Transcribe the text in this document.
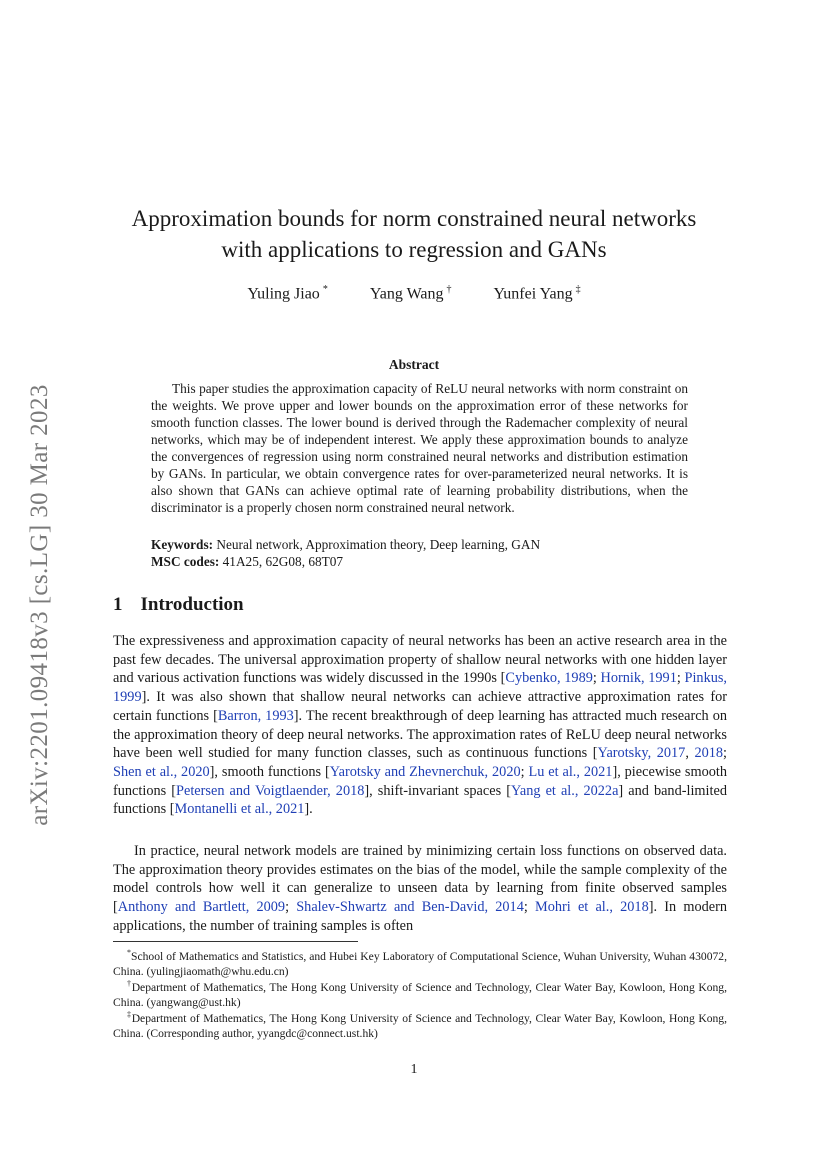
arXiv:2201.09418v3 [cs.LG] 30 Mar 2023
Approximation bounds for norm constrained neural networks
with applications to regression and GANs
Yuling Jiao *	Yang Wang †	Yunfei Yang ‡
Abstract
This paper studies the approximation capacity of ReLU neural networks with norm constraint on the weights. We prove upper and lower bounds on the approximation error of these networks for smooth function classes. The lower bound is derived through the Rademacher complexity of neural networks, which may be of independent interest. We apply these approximation bounds to analyze the convergences of regression using norm constrained neural networks and distribution estimation by GANs. In particular, we obtain convergence rates for over-parameterized neural networks. It is also shown that GANs can achieve optimal rate of learning probability distributions, when the discriminator is a properly chosen norm constrained neural network.
Keywords: Neural network, Approximation theory, Deep learning, GAN
MSC codes: 41A25, 62G08, 68T07
1 Introduction
The expressiveness and approximation capacity of neural networks has been an active research area in the past few decades. The universal approximation property of shallow neural networks with one hidden layer and various activation functions was widely discussed in the 1990s [Cybenko, 1989; Hornik, 1991; Pinkus, 1999]. It was also shown that shallow neural networks can achieve attractive approximation rates for certain functions [Barron, 1993]. The recent breakthrough of deep learning has attracted much research on the approximation theory of deep neural networks. The approximation rates of ReLU deep neural networks have been well studied for many function classes, such as continuous functions [Yarotsky, 2017, 2018; Shen et al., 2020], smooth functions [Yarotsky and Zhevnerchuk, 2020; Lu et al., 2021], piecewise smooth functions [Petersen and Voigtlaender, 2018], shift-invariant spaces [Yang et al., 2022a] and band-limited functions [Montanelli et al., 2021].
In practice, neural network models are trained by minimizing certain loss functions on observed data. The approximation theory provides estimates on the bias of the model, while the sample complexity of the model controls how well it can generalize to unseen data by learning from finite observed samples [Anthony and Bartlett, 2009; Shalev-Shwartz and Ben-David, 2014; Mohri et al., 2018]. In modern applications, the number of training samples is often
*School of Mathematics and Statistics, and Hubei Key Laboratory of Computational Science, Wuhan University, Wuhan 430072, China. (yulingjiaomath@whu.edu.cn)
†Department of Mathematics, The Hong Kong University of Science and Technology, Clear Water Bay, Kowloon, Hong Kong, China. (yangwang@ust.hk)
‡Department of Mathematics, The Hong Kong University of Science and Technology, Clear Water Bay, Kowloon, Hong Kong, China. (Corresponding author, yyangdc@connect.ust.hk)
1
